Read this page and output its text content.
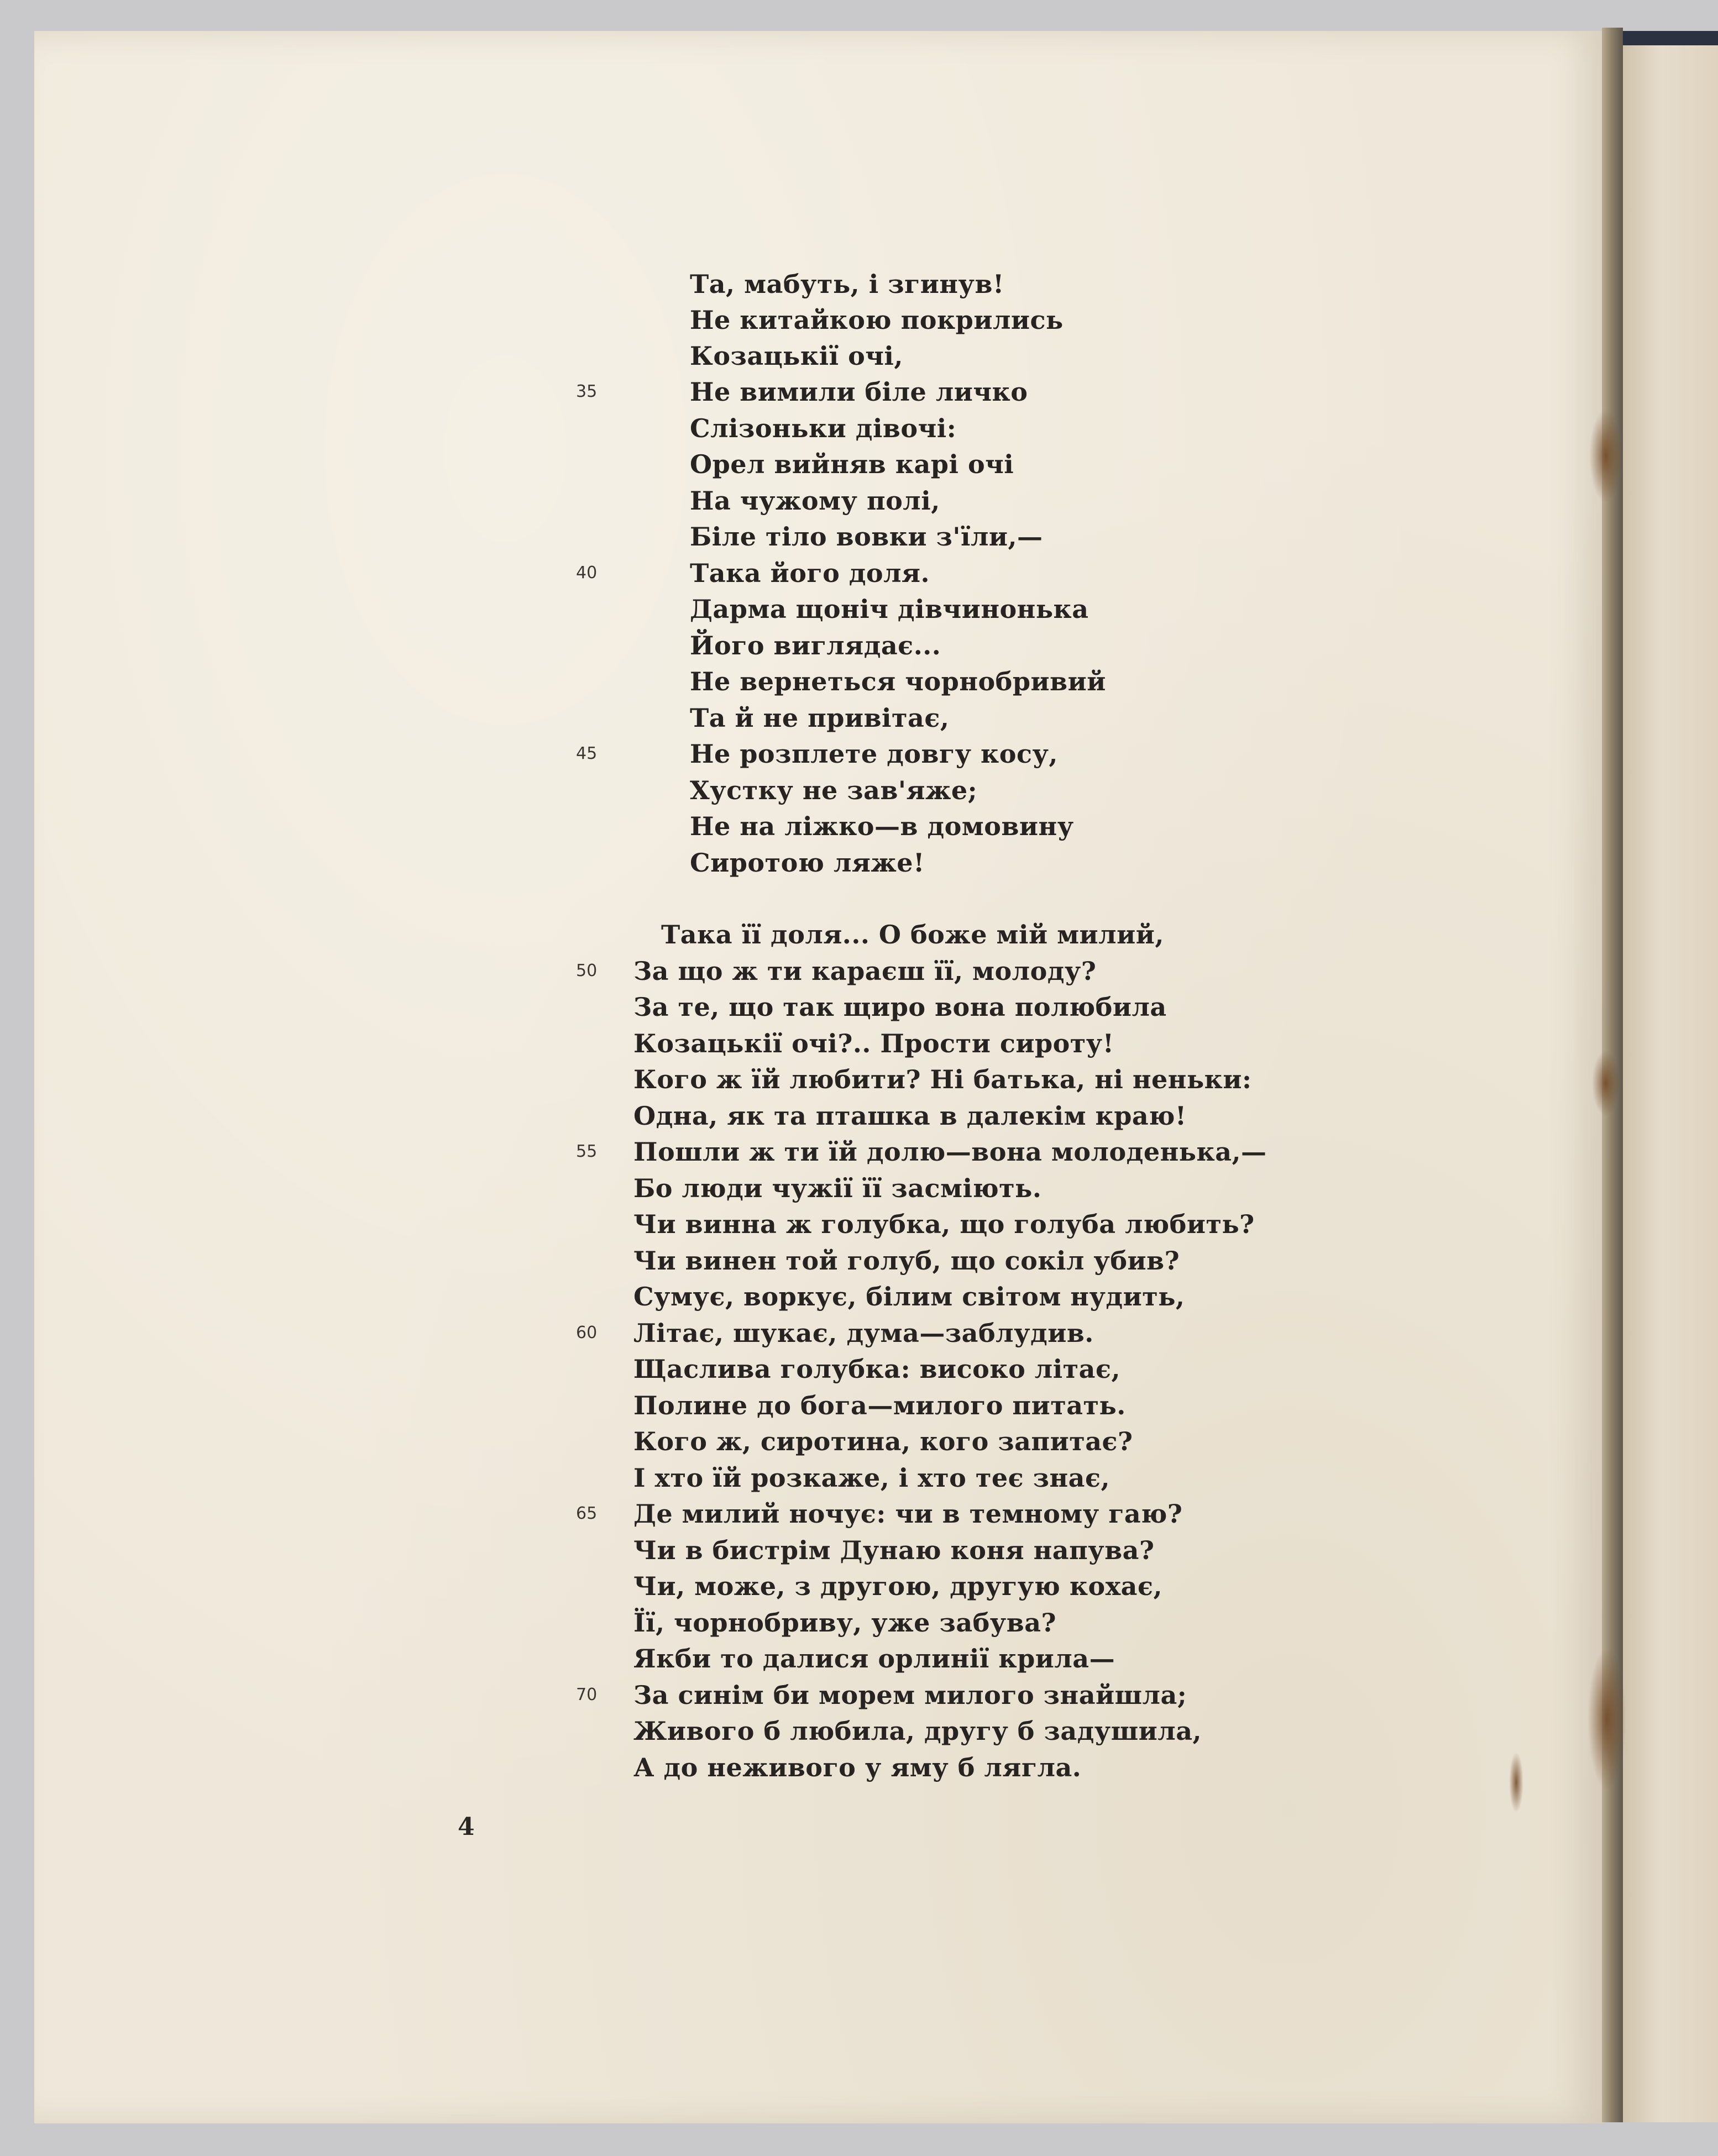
Та, мабуть, і згинув!
Не китайкою покрились
Козацькії очі,
Не вимили біле личко
Слізоньки дівочі:
Орел вийняв карі очі
На чужому полі,
Біле тіло вовки з'їли,—
Така його доля.
Дарма щоніч дівчинонька
Його виглядає...
Не вернеться чорнобривий
Та й не привітає,
Не розплете довгу косу,
Хустку не зав'яже;
Не на ліжко—в домовину
Сиротою ляже!
Така її доля... О боже мій милий,
За що ж ти караєш її, молоду?
За те, що так щиро вона полюбила
Козацькії очі?.. Прости сироту!
Кого ж їй любити? Ні батька, ні неньки:
Одна, як та пташка в далекім краю!
Пошли ж ти їй долю—вона молоденька,—
Бо люди чужії її засміють.
Чи винна ж голубка, що голуба любить?
Чи винен той голуб, що сокіл убив?
Сумує, воркує, білим світом нудить,
Літає, шукає, дума—заблудив.
Щаслива голубка: високо літає,
Полине до бога—милого питать.
Кого ж, сиротина, кого запитає?
І хто їй розкаже, і хто теє знає,
Де милий ночує: чи в темному гаю?
Чи в бистрім Дунаю коня напува?
Чи, може, з другою, другую кохає,
Її, чорнобриву, уже забува?
Якби то далися орлинії крила—
За синім би морем милого знайшла;
Живого б любила, другу б задушила,
А до неживого у яму б лягла.
35
40
45
50
55
60
65
70
4
